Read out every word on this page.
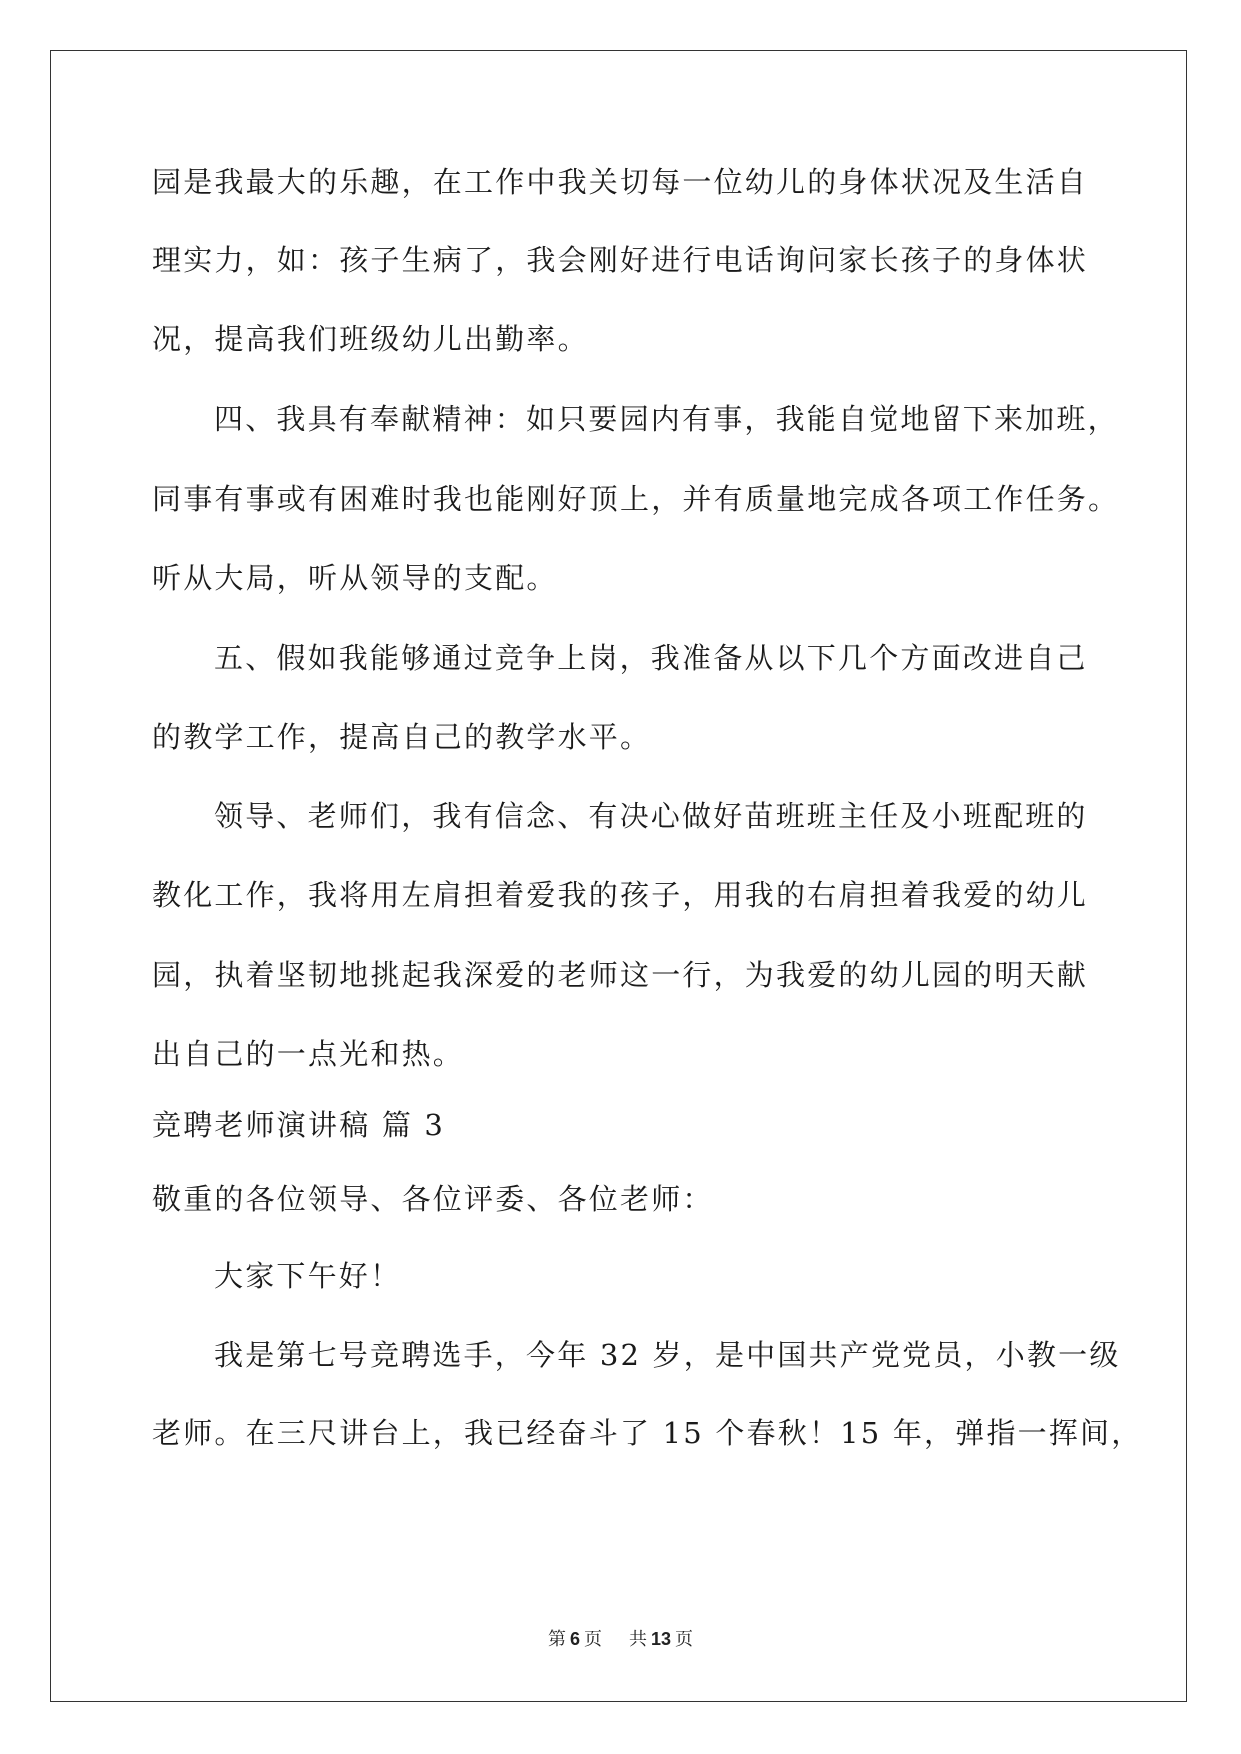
园是我最大的乐趣，在工作中我关切每一位幼儿的身体状况及生活自
理实力，如：孩子生病了，我会刚好进行电话询问家长孩子的身体状
况，提高我们班级幼儿出勤率。
四、我具有奉献精神：如只要园内有事，我能自觉地留下来加班，
同事有事或有困难时我也能刚好顶上，并有质量地完成各项工作任务。
听从大局，听从领导的支配。
五、假如我能够通过竞争上岗，我准备从以下几个方面改进自己
的教学工作，提高自己的教学水平。
领导、老师们，我有信念、有决心做好苗班班主任及小班配班的
教化工作，我将用左肩担着爱我的孩子，用我的右肩担着我爱的幼儿
园，执着坚韧地挑起我深爱的老师这一行，为我爱的幼儿园的明天献
出自己的一点光和热。
竞聘老师演讲稿 篇 3
敬重的各位领导、各位评委、各位老师：
大家下午好！
我是第七号竞聘选手，今年 32 岁，是中国共产党党员，小教一级
老师。在三尺讲台上，我已经奋斗了 15 个春秋！15 年，弹指一挥间，
第 6 页 共 13 页
